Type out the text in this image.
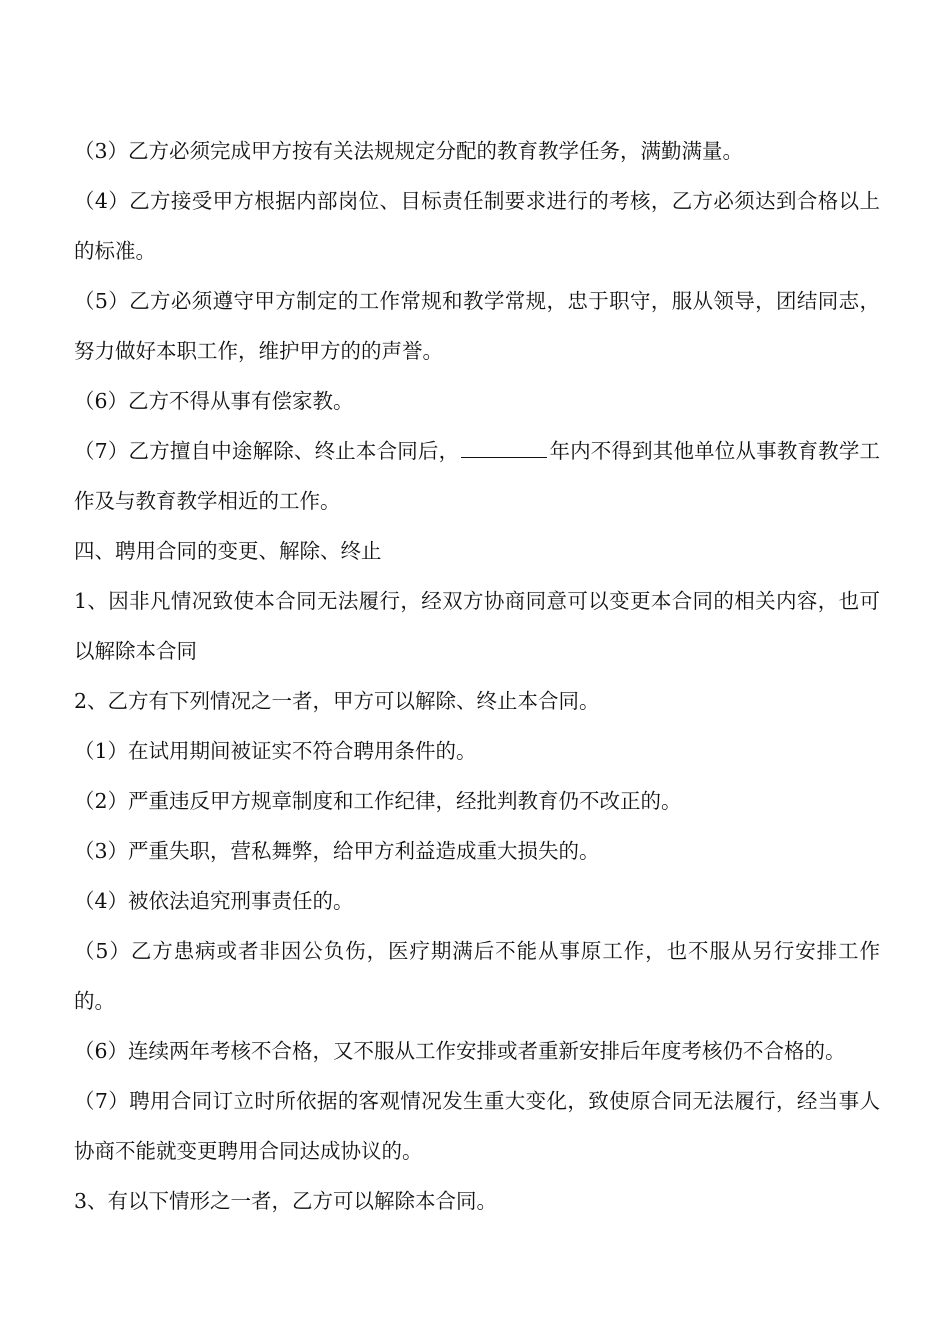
（3）乙方必须完成甲方按有关法规规定分配的教育教学任务，满勤满量。

（4）乙方接受甲方根据内部岗位、目标责任制要求进行的考核，乙方必须达到合格以上的标准。

（5）乙方必须遵守甲方制定的工作常规和教学常规，忠于职守，服从领导，团结同志，努力做好本职工作，维护甲方的的声誉。

（6）乙方不得从事有偿家教。

（7）乙方擅自中途解除、终止本合同后，	年内不得到其他单位从事教育教学工作及与教育教学相近的工作。

四、聘用合同的变更、解除、终止

1、因非凡情况致使本合同无法履行，经双方协商同意可以变更本合同的相关内容，也可以解除本合同

2、乙方有下列情况之一者，甲方可以解除、终止本合同。

（1）在试用期间被证实不符合聘用条件的。

（2）严重违反甲方规章制度和工作纪律，经批判教育仍不改正的。

（3）严重失职，营私舞弊，给甲方利益造成重大损失的。

（4）被依法追究刑事责任的。

（5）乙方患病或者非因公负伤，医疗期满后不能从事原工作，也不服从另行安排工作的。

（6）连续两年考核不合格，又不服从工作安排或者重新安排后年度考核仍不合格的。

（7）聘用合同订立时所依据的客观情况发生重大变化，致使原合同无法履行，经当事人协商不能就变更聘用合同达成协议的。

3、有以下情形之一者，乙方可以解除本合同。
